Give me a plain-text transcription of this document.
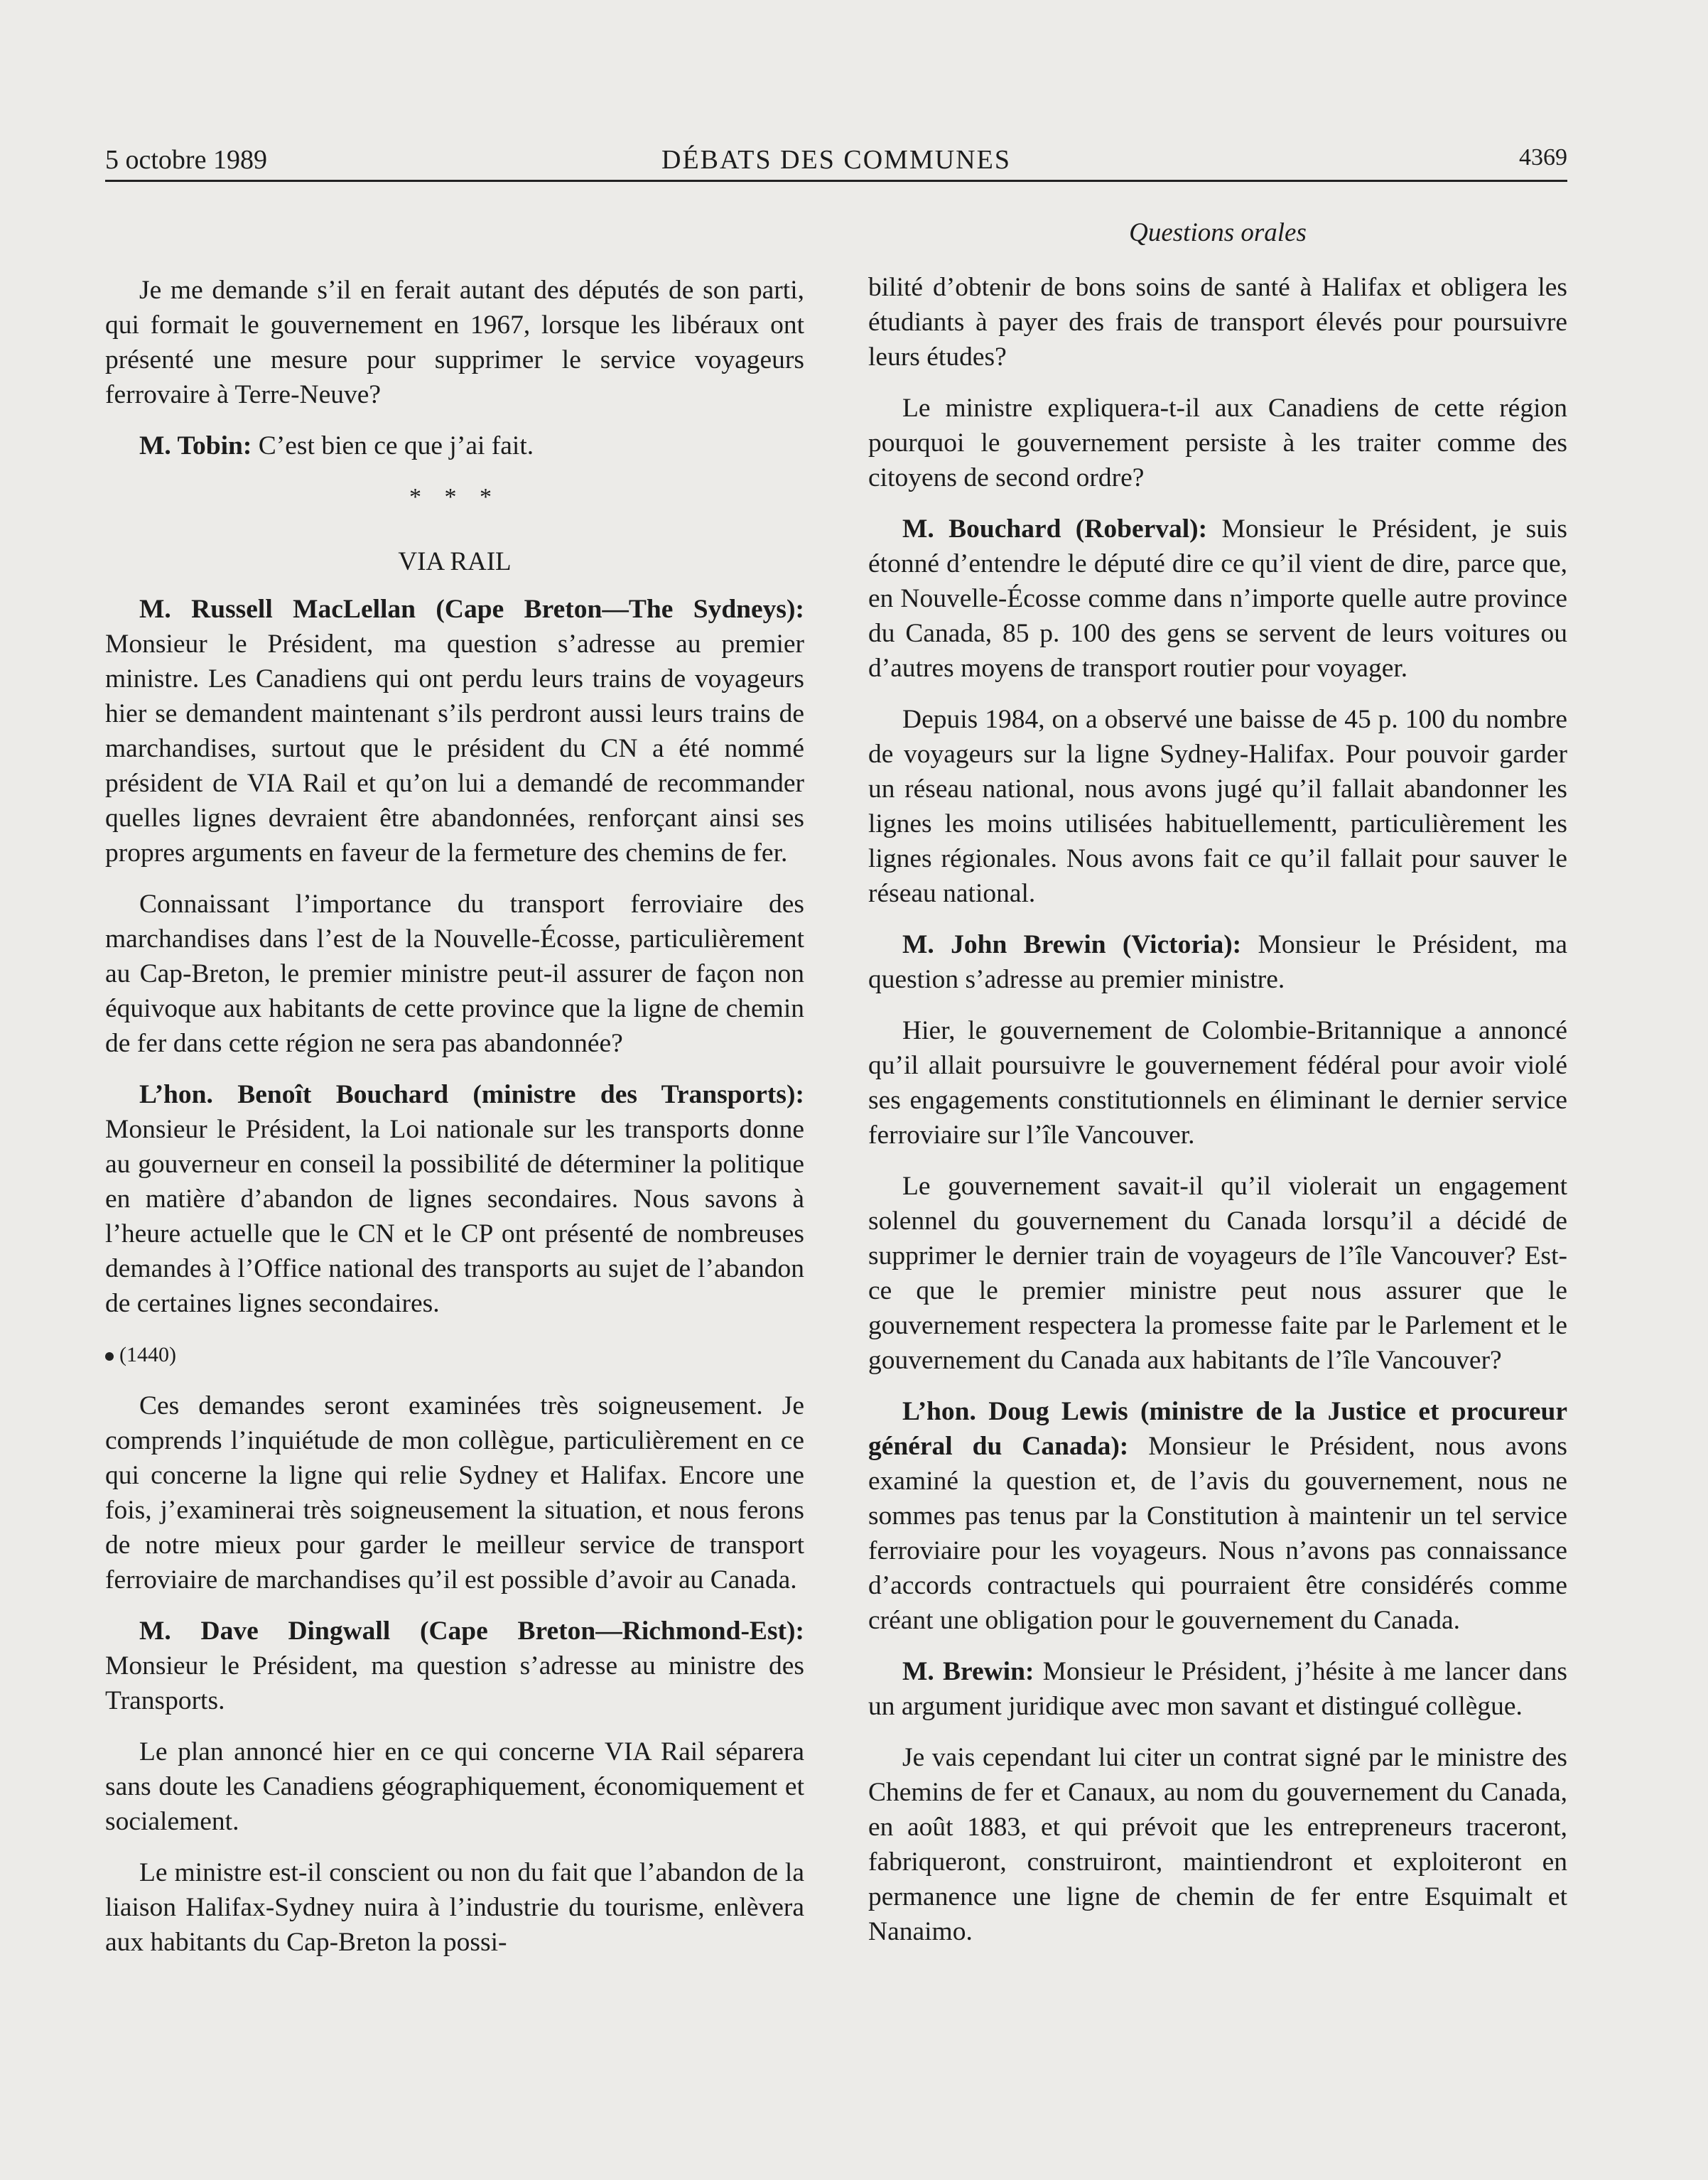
5 octobre 1989	DÉBATS DES COMMUNES	4369
Questions orales

Je me demande s’il en ferait autant des députés de son parti, qui formait le gouvernement en 1967, lorsque les libéraux ont présenté une mesure pour supprimer le service voyageurs ferrovaire à Terre-Neuve?

M. Tobin: C’est bien ce que j’ai fait.

* * *
VIA RAIL

M. Russell MacLellan (Cape Breton—The Sydneys): Monsieur le Président, ma question s’adresse au premier ministre. Les Canadiens qui ont perdu leurs trains de voyageurs hier se demandent maintenant s’ils perdront aussi leurs trains de marchandises, surtout que le président du CN a été nommé président de VIA Rail et qu’on lui a demandé de recommander quelles lignes devraient être abandonnées, renforçant ainsi ses propres arguments en faveur de la fermeture des chemins de fer.

Connaissant l’importance du transport ferroviaire des marchandises dans l’est de la Nouvelle-Écosse, particulièrement au Cap-Breton, le premier ministre peut-il assurer de façon non équivoque aux habitants de cette province que la ligne de chemin de fer dans cette région ne sera pas abandonnée?

L’hon. Benoît Bouchard (ministre des Transports): Monsieur le Président, la Loi nationale sur les transports donne au gouverneur en conseil la possibilité de déterminer la politique en matière d’abandon de lignes secondaires. Nous savons à l’heure actuelle que le CN et le CP ont présenté de nombreuses demandes à l’Office national des transports au sujet de l’abandon de certaines lignes secondaires.

(1440)

Ces demandes seront examinées très soigneusement. Je comprends l’inquiétude de mon collègue, particulièrement en ce qui concerne la ligne qui relie Sydney et Halifax. Encore une fois, j’examinerai très soigneusement la situation, et nous ferons de notre mieux pour garder le meilleur service de transport ferroviaire de marchandises qu’il est possible d’avoir au Canada.

M. Dave Dingwall (Cape Breton—Richmond-Est): Monsieur le Président, ma question s’adresse au ministre des Transports.

Le plan annoncé hier en ce qui concerne VIA Rail séparera sans doute les Canadiens géographiquement, économiquement et socialement.

Le ministre est-il conscient ou non du fait que l’abandon de la liaison Halifax-Sydney nuira à l’industrie du tourisme, enlèvera aux habitants du Cap-Breton la possi-

bilité d’obtenir de bons soins de santé à Halifax et obligera les étudiants à payer des frais de transport élevés pour poursuivre leurs études?

Le ministre expliquera-t-il aux Canadiens de cette région pourquoi le gouvernement persiste à les traiter comme des citoyens de second ordre?

M. Bouchard (Roberval): Monsieur le Président, je suis étonné d’entendre le député dire ce qu’il vient de dire, parce que, en Nouvelle-Écosse comme dans n’importe quelle autre province du Canada, 85 p. 100 des gens se servent de leurs voitures ou d’autres moyens de transport routier pour voyager.

Depuis 1984, on a observé une baisse de 45 p. 100 du nombre de voyageurs sur la ligne Sydney-Halifax. Pour pouvoir garder un réseau national, nous avons jugé qu’il fallait abandonner les lignes les moins utilisées habituellementt, particulièrement les lignes régionales. Nous avons fait ce qu’il fallait pour sauver le réseau national.

M. John Brewin (Victoria): Monsieur le Président, ma question s’adresse au premier ministre.

Hier, le gouvernement de Colombie-Britannique a annoncé qu’il allait poursuivre le gouvernement fédéral pour avoir violé ses engagements constitutionnels en éliminant le dernier service ferroviaire sur l’île Vancouver.

Le gouvernement savait-il qu’il violerait un engagement solennel du gouvernement du Canada lorsqu’il a décidé de supprimer le dernier train de voyageurs de l’île Vancouver? Est-ce que le premier ministre peut nous assurer que le gouvernement respectera la promesse faite par le Parlement et le gouvernement du Canada aux habitants de l’île Vancouver?

L’hon. Doug Lewis (ministre de la Justice et procureur général du Canada): Monsieur le Président, nous avons examiné la question et, de l’avis du gouvernement, nous ne sommes pas tenus par la Constitution à maintenir un tel service ferroviaire pour les voyageurs. Nous n’avons pas connaissance d’accords contractuels qui pourraient être considérés comme créant une obligation pour le gouvernement du Canada.

M. Brewin: Monsieur le Président, j’hésite à me lancer dans un argument juridique avec mon savant et distingué collègue.

Je vais cependant lui citer un contrat signé par le ministre des Chemins de fer et Canaux, au nom du gouvernement du Canada, en août 1883, et qui prévoit que les entrepreneurs traceront, fabriqueront, construiront, maintiendront et exploiteront en permanence une ligne de chemin de fer entre Esquimalt et Nanaimo.
